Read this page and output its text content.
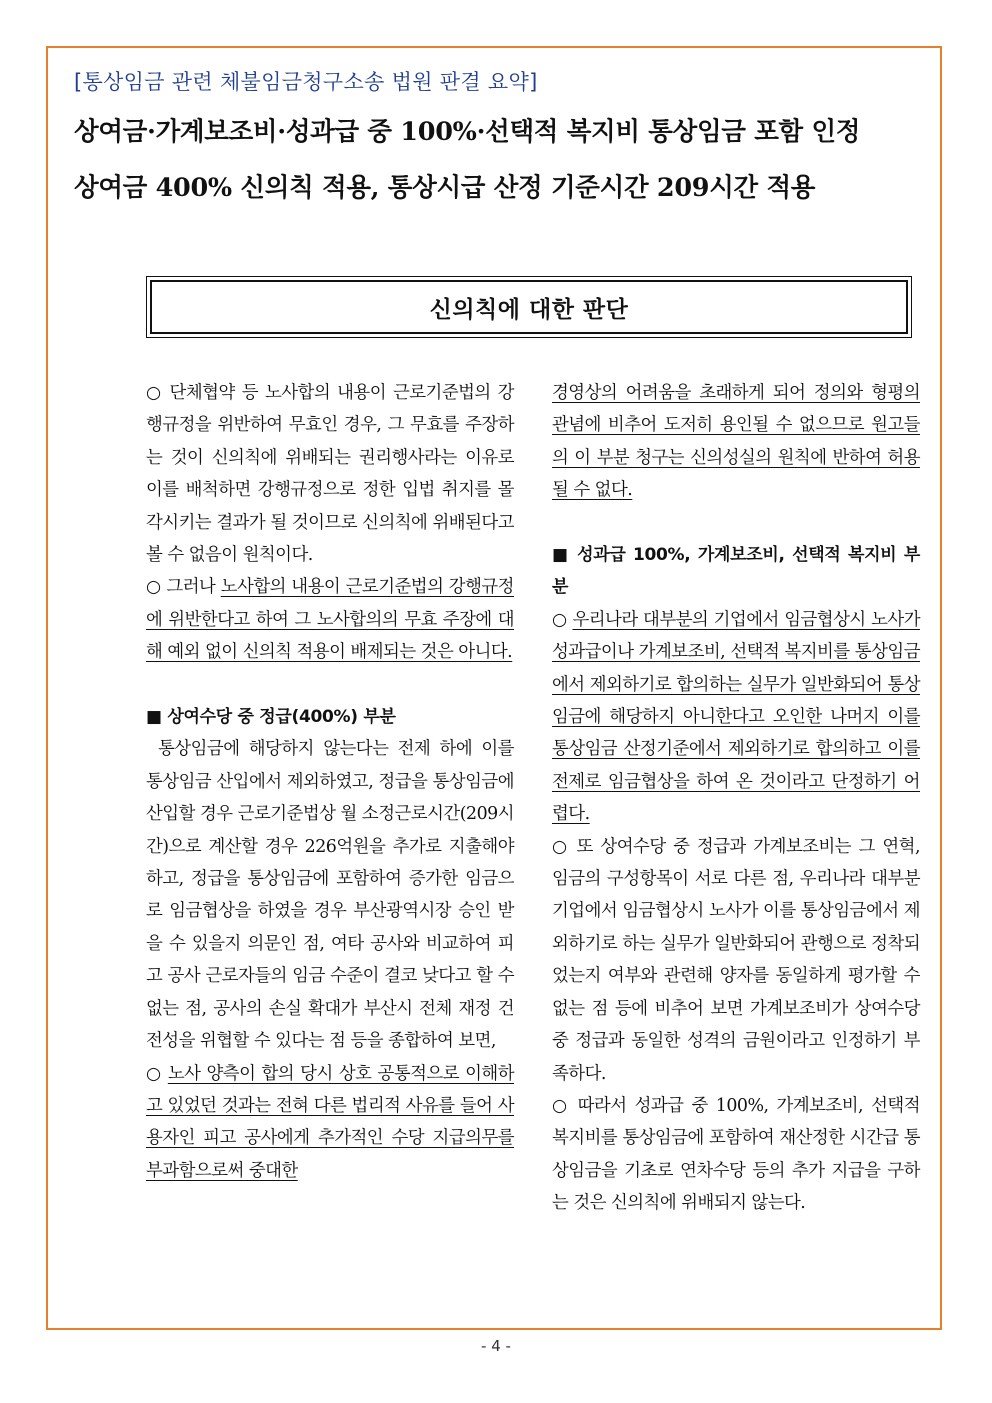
[통상임금 관련 체불임금청구소송 법원 판결 요약]
상여금·가계보조비·성과급 중 100%·선택적 복지비 통상임금 포함 인정
상여금 400% 신의칙 적용, 통상시급 산정 기준시간 209시간 적용
신의칙에 대한 판단

○ 단체협약 등 노사합의 내용이 근로기준법의 강행규정을 위반하여 무효인 경우, 그 무효를 주장하는 것이 신의칙에 위배되는 권리행사라는 이유로 이를 배척하면 강행규정으로 정한 입법 취지를 몰각시키는 결과가 될 것이므로 신의칙에 위배된다고 볼 수 없음이 원칙이다.

○ 그러나 노사합의 내용이 근로기준법의 강행규정에 위반한다고 하여 그 노사합의의 무효 주장에 대해 예외 없이 신의칙 적용이 배제되는 것은 아니다.

■ 상여수당 중 정급(400%) 부분

통상임금에 해당하지 않는다는 전제 하에 이를 통상임금 산입에서 제외하였고, 정급을 통상임금에 산입할 경우 근로기준법상 월 소정근로시간(209시간)으로 계산할 경우 226억원을 추가로 지출해야 하고, 정급을 통상임금에 포함하여 증가한 임금으로 임금협상을 하였을 경우 부산광역시장 승인 받을 수 있을지 의문인 점, 여타 공사와 비교하여 피고 공사 근로자들의 임금 수준이 결코 낮다고 할 수 없는 점, 공사의 손실 확대가 부산시 전체 재정 건전성을 위협할 수 있다는 점 등을 종합하여 보면,

○ 노사 양측이 합의 당시 상호 공통적으로 이해하고 있었던 것과는 전혀 다른 법리적 사유를 들어 사용자인 피고 공사에게 추가적인 수당 지급의무를 부과함으로써 중대한

경영상의 어려움을 초래하게 되어 정의와 형평의 관념에 비추어 도저히 용인될 수 없으므로 원고들의 이 부분 청구는 신의성실의 원칙에 반하여 허용될 수 없다.

■ 성과급 100%, 가계보조비, 선택적 복지비 부분

○ 우리나라 대부분의 기업에서 임금협상시 노사가 성과급이나 가계보조비, 선택적 복지비를 통상임금에서 제외하기로 합의하는 실무가 일반화되어 통상임금에 해당하지 아니한다고 오인한 나머지 이를 통상임금 산정기준에서 제외하기로 합의하고 이를 전제로 임금협상을 하여 온 것이라고 단정하기 어렵다.

○ 또 상여수당 중 정급과 가계보조비는 그 연혁, 임금의 구성항목이 서로 다른 점, 우리나라 대부분 기업에서 임금협상시 노사가 이를 통상임금에서 제외하기로 하는 실무가 일반화되어 관행으로 정착되었는지 여부와 관련해 양자를 동일하게 평가할 수 없는 점 등에 비추어 보면 가계보조비가 상여수당 중 정급과 동일한 성격의 금원이라고 인정하기 부족하다.

○ 따라서 성과급 중 100%, 가계보조비, 선택적 복지비를 통상임금에 포함하여 재산정한 시간급 통상임금을 기초로 연차수당 등의 추가 지급을 구하는 것은 신의칙에 위배되지 않는다.

- 4 -
